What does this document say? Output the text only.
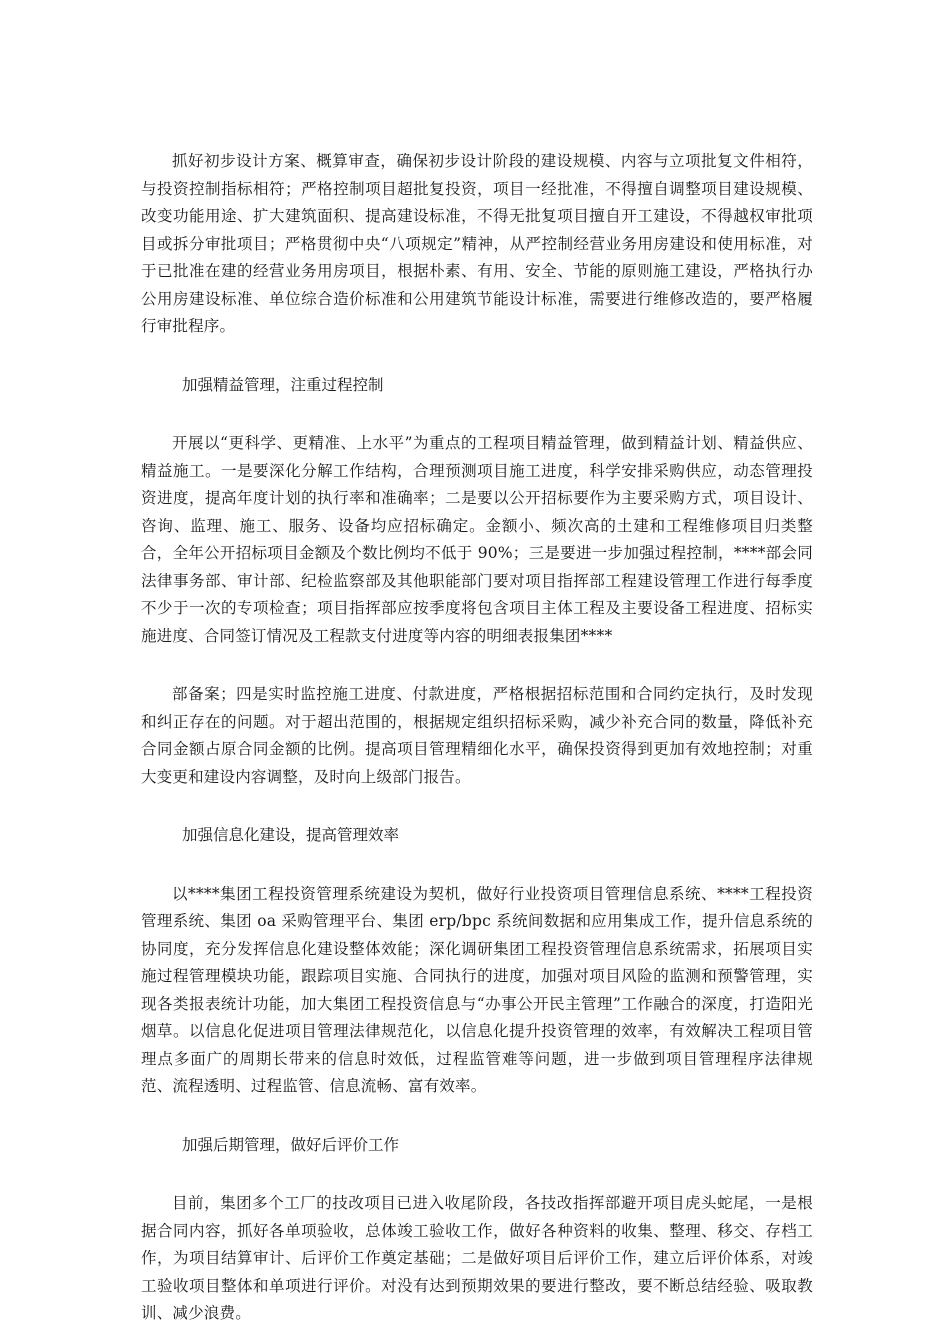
抓好初步设计方案、概算审查，确保初步设计阶段的建设规模、内容与立项批复文件相符，与投资控制指标相符；严格控制项目超批复投资，项目一经批准，不得擅自调整项目建设规模、改变功能用途、扩大建筑面积、提高建设标准，不得无批复项目擅自开工建设，不得越权审批项目或拆分审批项目；严格贯彻中央“八项规定”精神，从严控制经营业务用房建设和使用标准，对于已批准在建的经营业务用房项目，根据朴素、有用、安全、节能的原则施工建设，严格执行办公用房建设标准、单位综合造价标准和公用建筑节能设计标准，需要进行维修改造的，要严格履行审批程序。

加强精益管理，注重过程控制

开展以“更科学、更精准、上水平”为重点的工程项目精益管理，做到精益计划、精益供应、精益施工。一是要深化分解工作结构，合理预测项目施工进度，科学安排采购供应，动态管理投资进度，提高年度计划的执行率和准确率；二是要以公开招标要作为主要采购方式，项目设计、咨询、监理、施工、服务、设备均应招标确定。金额小、频次高的土建和工程维修项目归类整合，全年公开招标项目金额及个数比例均不低于 90%；三是要进一步加强过程控制，****部会同法律事务部、审计部、纪检监察部及其他职能部门要对项目指挥部工程建设管理工作进行每季度不少于一次的专项检查；项目指挥部应按季度将包含项目主体工程及主要设备工程进度、招标实施进度、合同签订情况及工程款支付进度等内容的明细表报集团****

部备案；四是实时监控施工进度、付款进度，严格根据招标范围和合同约定执行，及时发现和纠正存在的问题。对于超出范围的，根据规定组织招标采购，减少补充合同的数量，降低补充合同金额占原合同金额的比例。提高项目管理精细化水平，确保投资得到更加有效地控制；对重大变更和建设内容调整，及时向上级部门报告。

加强信息化建设，提高管理效率

以****集团工程投资管理系统建设为契机，做好行业投资项目管理信息系统、****工程投资管理系统、集团 oa 采购管理平台、集团 erp/bpc 系统间数据和应用集成工作，提升信息系统的协同度，充分发挥信息化建设整体效能；深化调研集团工程投资管理信息系统需求，拓展项目实施过程管理模块功能，跟踪项目实施、合同执行的进度，加强对项目风险的监测和预警管理，实现各类报表统计功能，加大集团工程投资信息与“办事公开民主管理”工作融合的深度，打造阳光烟草。以信息化促进项目管理法律规范化，以信息化提升投资管理的效率，有效解决工程项目管理点多面广的周期长带来的信息时效低，过程监管难等问题，进一步做到项目管理程序法律规范、流程透明、过程监管、信息流畅、富有效率。

加强后期管理，做好后评价工作

目前，集团多个工厂的技改项目已进入收尾阶段，各技改指挥部避开项目虎头蛇尾，一是根据合同内容，抓好各单项验收，总体竣工验收工作，做好各种资料的收集、整理、移交、存档工作，为项目结算审计、后评价工作奠定基础；二是做好项目后评价工作，建立后评价体系，对竣工验收项目整体和单项进行评价。对没有达到预期效果的要进行整改，要不断总结经验、吸取教训、减少浪费。
